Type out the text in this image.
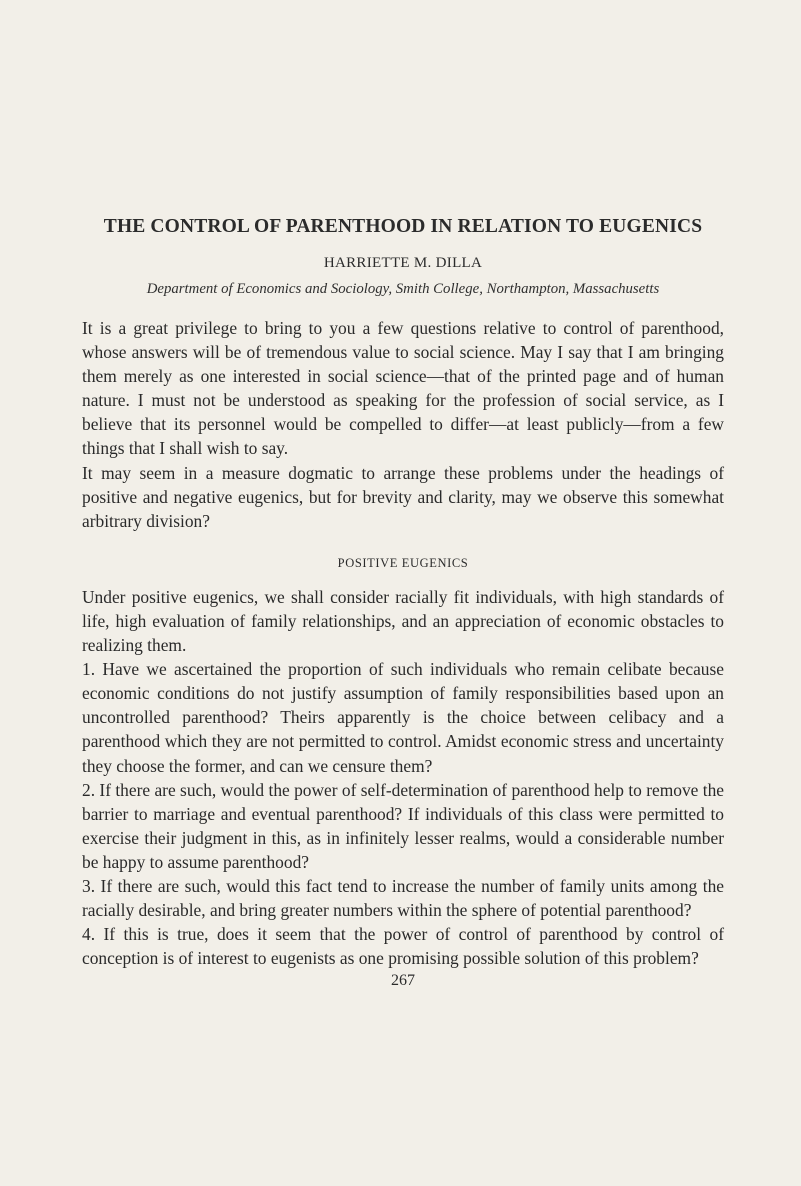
THE CONTROL OF PARENTHOOD IN RELATION TO EUGENICS
HARRIETTE M. DILLA
Department of Economics and Sociology, Smith College, Northampton, Massachusetts

It is a great privilege to bring to you a few questions relative to control of parenthood, whose answers will be of tremendous value to social science. May I say that I am bringing them merely as one interested in social science—that of the printed page and of human nature. I must not be understood as speaking for the profession of social service, as I believe that its personnel would be compelled to differ—at least publicly—from a few things that I shall wish to say.

It may seem in a measure dogmatic to arrange these problems under the headings of positive and negative eugenics, but for brevity and clarity, may we observe this somewhat arbitrary division?

POSITIVE EUGENICS

Under positive eugenics, we shall consider racially fit individuals, with high standards of life, high evaluation of family relationships, and an appreciation of economic obstacles to realizing them.

1. Have we ascertained the proportion of such individuals who remain celibate because economic conditions do not justify assumption of family responsibilities based upon an uncontrolled parenthood? Theirs apparently is the choice between celibacy and a parenthood which they are not permitted to control. Amidst economic stress and uncertainty they choose the former, and can we censure them?

2. If there are such, would the power of self-determination of parenthood help to remove the barrier to marriage and eventual parenthood? If individuals of this class were permitted to exercise their judgment in this, as in infinitely lesser realms, would a considerable number be happy to assume parenthood?

3. If there are such, would this fact tend to increase the number of family units among the racially desirable, and bring greater numbers within the sphere of potential parenthood?

4. If this is true, does it seem that the power of control of parenthood by control of conception is of interest to eugenists as one promising possible solution of this problem?

267
